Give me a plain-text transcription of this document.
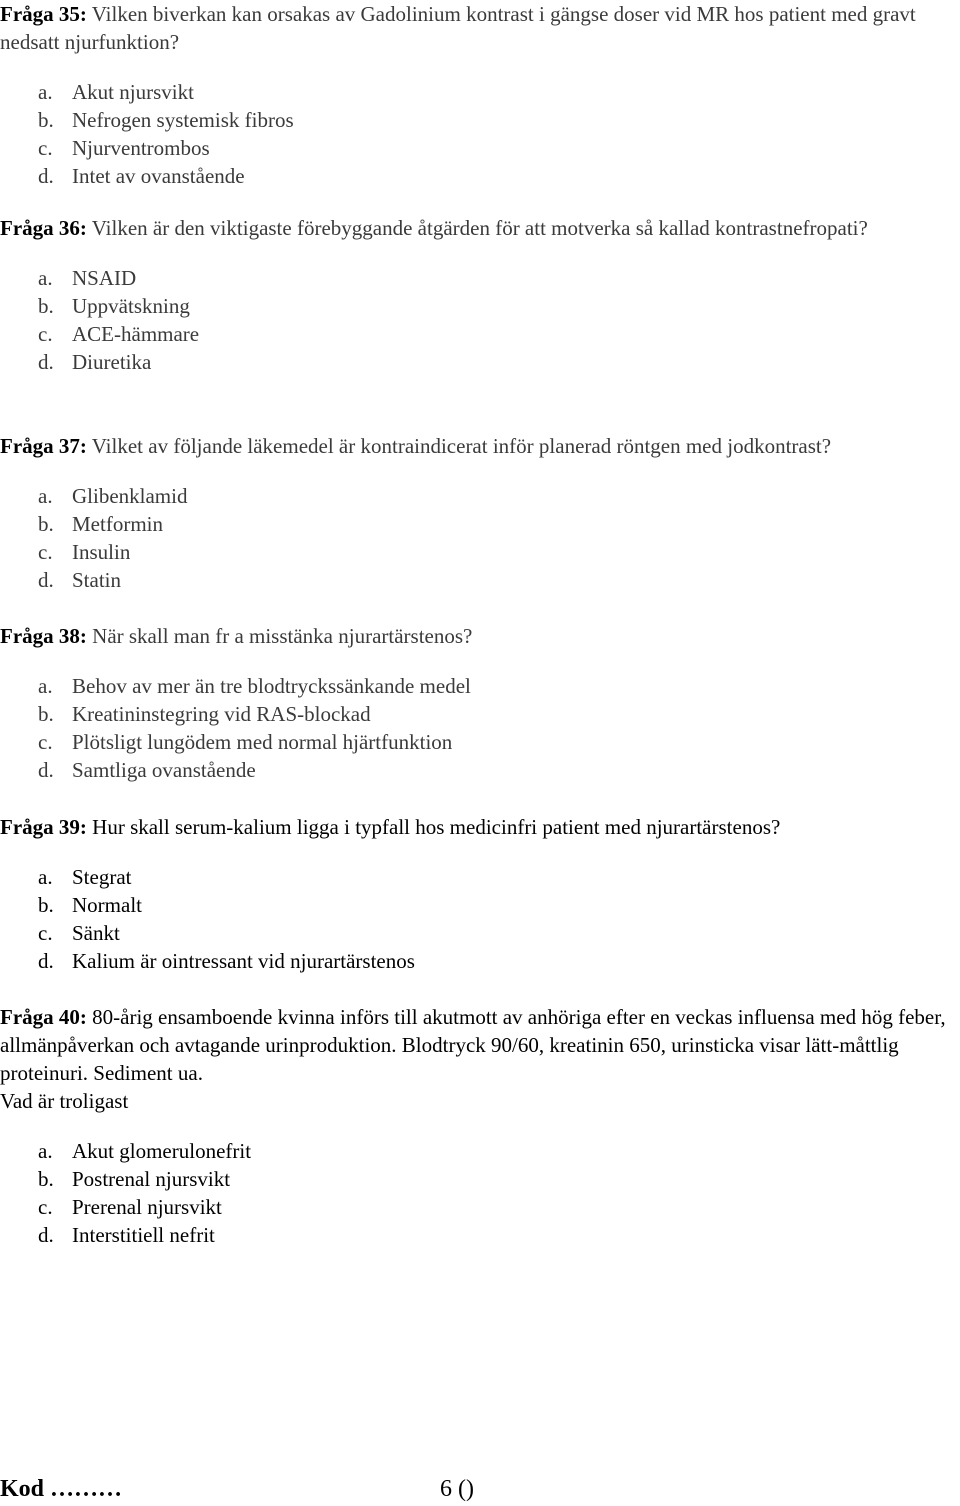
Fråga 35: Vilken biverkan kan orsakas av Gadolinium kontrast i gängse doser vid MR hos patient med gravt nedsatt njurfunktion?

a. Akut njursvikt
b. Nefrogen systemisk fibros
c. Njurventrombos
d. Intet av ovanstående

Fråga 36: Vilken är den viktigaste förebyggande åtgärden för att motverka så kallad kontrastnefropati?

a. NSAID
b. Uppvätskning
c. ACE-hämmare
d. Diuretika

Fråga 37: Vilket av följande läkemedel är kontraindicerat inför planerad röntgen med jodkontrast?

a. Glibenklamid
b. Metformin
c. Insulin
d. Statin

Fråga 38: När skall man fr a misstänka njurartärstenos?

a. Behov av mer än tre blodtryckssänkande medel
b. Kreatininstegring vid RAS-blockad
c. Plötsligt lungödem med normal hjärtfunktion
d. Samtliga ovanstående

Fråga 39: Hur skall serum-kalium ligga i typfall hos medicinfri patient med njurartärstenos?

a. Stegrat
b. Normalt
c. Sänkt
d. Kalium är ointressant vid njurartärstenos

Fråga 40: 80-årig ensamboende kvinna införs till akutmott av anhöriga efter en veckas influensa med hög feber, allmänpåverkan och avtagande urinproduktion. Blodtryck 90/60, kreatinin 650, urinsticka visar lätt-måttlig proteinuri. Sediment ua.

Vad är troligast

a. Akut glomerulonefrit
b. Postrenal njursvikt
c. Prerenal njursvikt
d. Interstitiell nefrit
Kod ………	6 ()
